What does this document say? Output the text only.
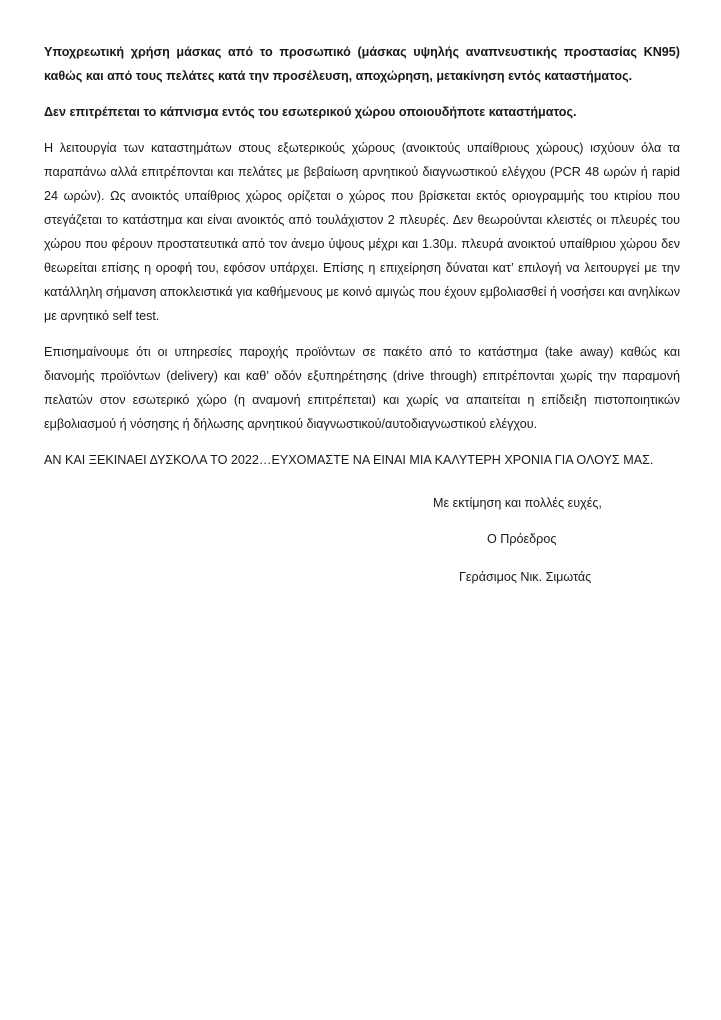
Υποχρεωτική χρήση μάσκας από το προσωπικό (μάσκας υψηλής αναπνευστικής προστασίας KN95) καθώς και από τους πελάτες κατά την προσέλευση, αποχώρηση, μετακίνηση εντός καταστήματος.

Δεν επιτρέπεται το κάπνισμα εντός του εσωτερικού χώρου οποιουδήποτε καταστήματος.

Η λειτουργία των καταστημάτων στους εξωτερικούς χώρους (ανοικτούς υπαίθριους χώρους) ισχύουν όλα τα παραπάνω αλλά επιτρέπονται και πελάτες με βεβαίωση αρνητικού διαγνωστικού ελέγχου (PCR 48 ωρών ή rapid 24 ωρών). Ως ανοικτός υπαίθριος χώρος ορίζεται ο χώρος που βρίσκεται εκτός οριογραμμής του κτιρίου που στεγάζεται το κατάστημα και είναι ανοικτός από τουλάχιστον 2 πλευρές. Δεν θεωρούνται κλειστές οι πλευρές του χώρου που φέρουν προστατευτικά από τον άνεμο ύψους μέχρι και 1.30μ. πλευρά ανοικτού υπαίθριου χώρου δεν θεωρείται επίσης η οροφή του, εφόσον υπάρχει. Επίσης η επιχείρηση δύναται κατ’ επιλογή να λειτουργεί με την κατάλληλη σήμανση αποκλειστικά για καθήμενους με κοινό αμιγώς που έχουν εμβολιασθεί ή νοσήσει και ανηλίκων με αρνητικό self test.

Επισημαίνουμε ότι οι υπηρεσίες παροχής προϊόντων σε πακέτο από το κατάστημα (take away) καθώς και διανομής προϊόντων (delivery) και καθ’ οδόν εξυπηρέτησης (drive through) επιτρέπονται χωρίς την παραμονή πελατών στον εσωτερικό χώρο (η αναμονή επιτρέπεται) και χωρίς να απαιτείται η επίδειξη πιστοποιητικών εμβολιασμού ή νόσησης ή δήλωσης αρνητικού διαγνωστικού/αυτοδιαγνωστικού ελέγχου.

ΑΝ ΚΑΙ ΞΕΚΙΝΑΕΙ ΔΥΣΚΟΛΑ ΤΟ 2022…ΕΥΧΟΜΑΣΤΕ ΝΑ ΕΙΝΑΙ ΜΙΑ ΚΑΛΥΤΕΡΗ ΧΡΟΝΙΑ ΓΙΑ ΟΛΟΥΣ ΜΑΣ.

Με εκτίμηση και πολλές ευχές,
Ο Πρόεδρος
Γεράσιμος Νικ. Σιμωτάς
